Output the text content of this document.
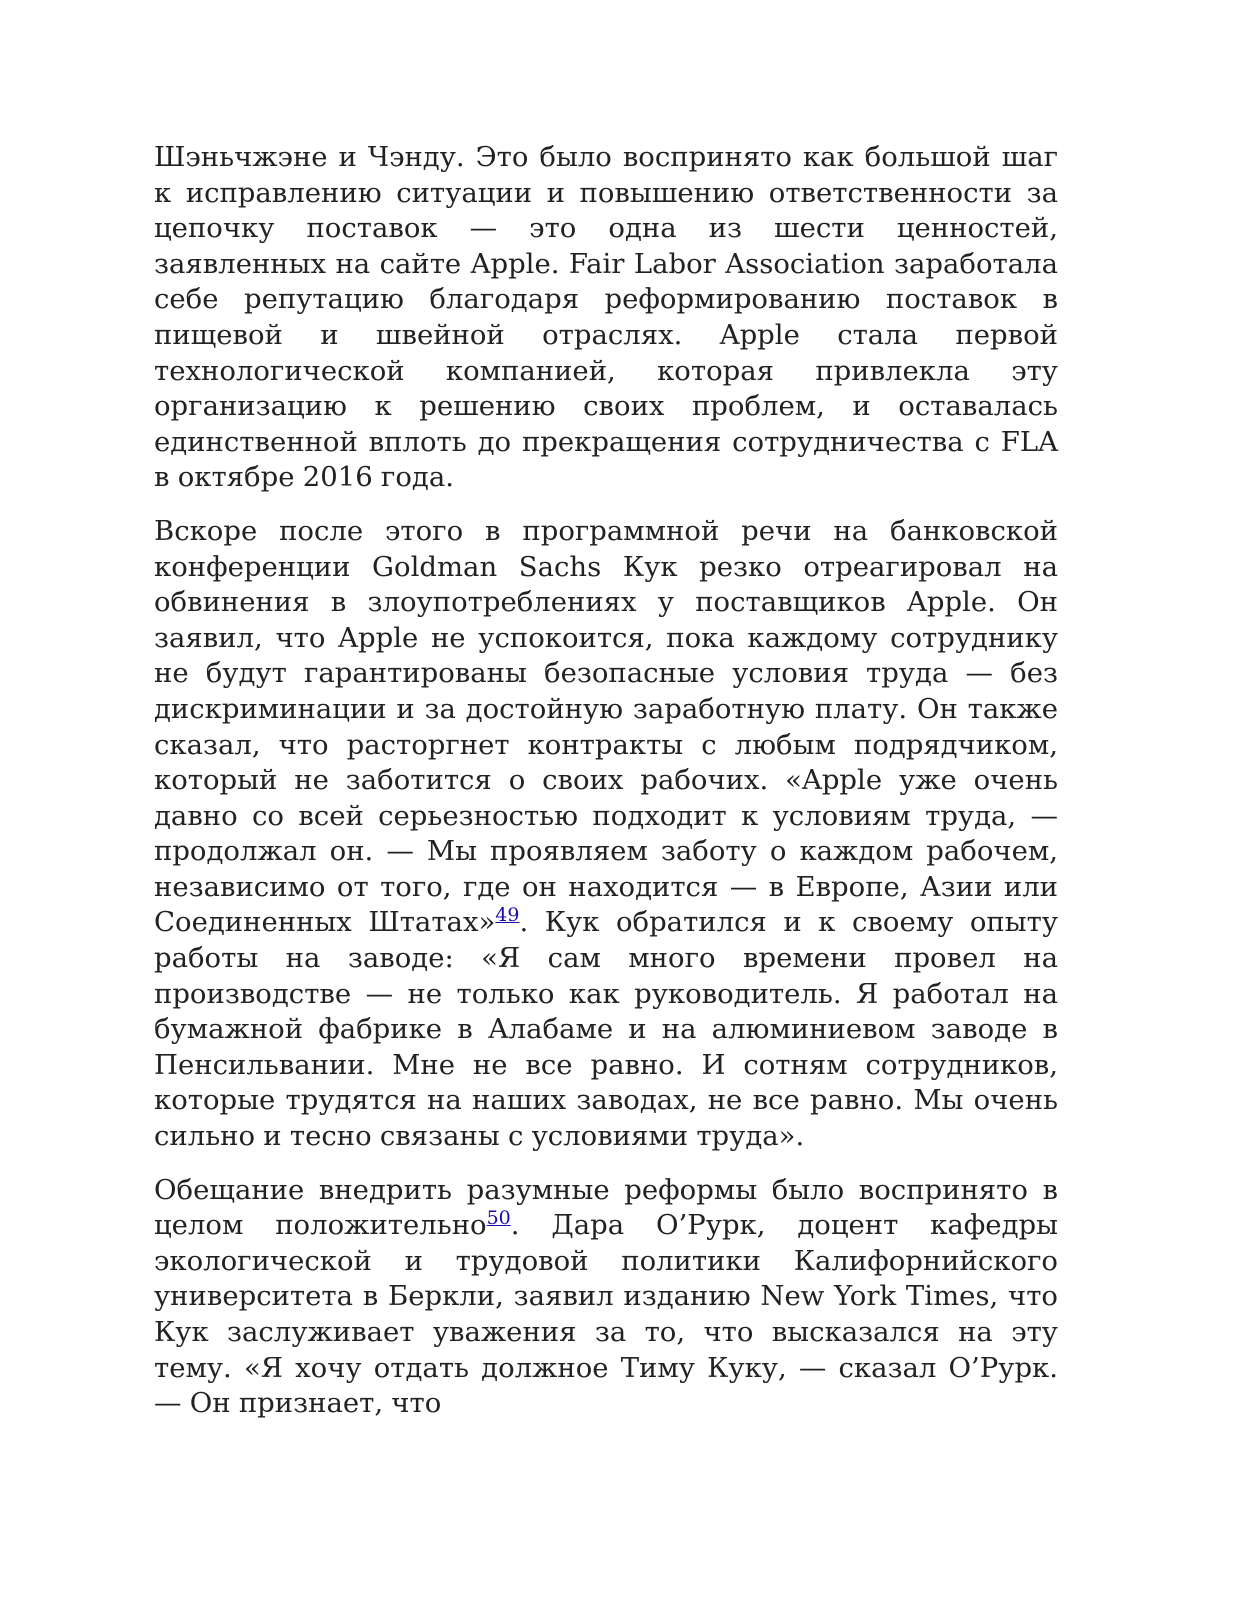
Шэньчжэне и Чэнду. Это было воспринято как большой шаг к исправлению ситуации и повышению ответственности за цепочку поставок — это одна из шести ценностей, заявленных на сайте Apple. Fair Labor Association заработала себе репутацию благодаря реформированию поставок в пищевой и швейной отраслях. Apple стала первой технологической компанией, которая привлекла эту организацию к решению своих проблем, и оставалась единственной вплоть до прекращения сотрудничества с FLA в октябре 2016 года.

Вскоре после этого в программной речи на банковской конференции Goldman Sachs Кук резко отреагировал на обвинения в злоупотреблениях у поставщиков Apple. Он заявил, что Apple не успокоится, пока каждому сотруднику не будут гарантированы безопасные условия труда — без дискриминации и за достойную заработную плату. Он также сказал, что расторгнет контракты с любым подрядчиком, который не заботится о своих рабочих. «Apple уже очень давно со всей серьезностью подходит к условиям труда, — продолжал он. — Мы проявляем заботу о каждом рабочем, независимо от того, где он находится — в Европе, Азии или Соединенных Штатах»$^{49}$. Кук обратился и к своему опыту работы на заводе: «Я сам много времени провел на производстве — не только как руководитель. Я работал на бумажной фабрике в Алабаме и на алюминиевом заводе в Пенсильвании. Мне не все равно. И сотням сотрудников, которые трудятся на наших заводах, не все равно. Мы очень сильно и тесно связаны с условиями труда».

Обещание внедрить разумные реформы было воспринято в целом положительно$^{50}$. Дара О’Рурк, доцент кафедры экологической и трудовой политики Калифорнийского университета в Беркли, заявил изданию New York Times, что Кук заслуживает уважения за то, что высказался на эту тему. «Я хочу отдать должное Тиму Куку, — сказал О’Рурк. — Он признает, что
